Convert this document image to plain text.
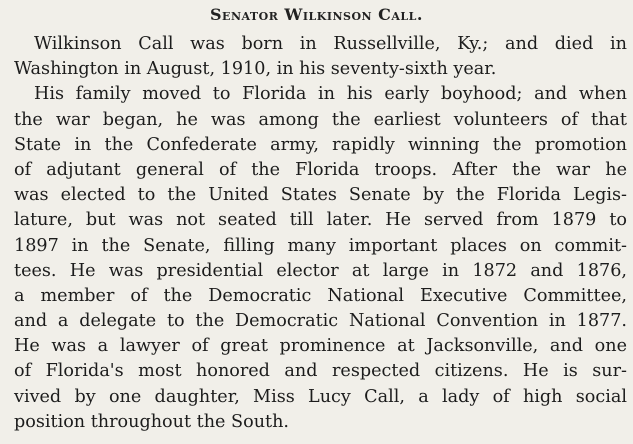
Senator Wilkinson Call.
Wilkinson Call was born in Russellville, Ky.; and died in
Washington in August, 1910, in his seventy-sixth year.
His family moved to Florida in his early boyhood; and when
the war began, he was among the earliest volunteers of that
State in the Confederate army, rapidly winning the promotion
of adjutant general of the Florida troops. After the war he
was elected to the United States Senate by the Florida Legis-
lature, but was not seated till later. He served from 1879 to
1897 in the Senate, filling many important places on commit-
tees. He was presidential elector at large in 1872 and 1876,
a member of the Democratic National Executive Committee,
and a delegate to the Democratic National Convention in 1877.
He was a lawyer of great prominence at Jacksonville, and one
of Florida's most honored and respected citizens. He is sur-
vived by one daughter, Miss Lucy Call, a lady of high social
position throughout the South.
